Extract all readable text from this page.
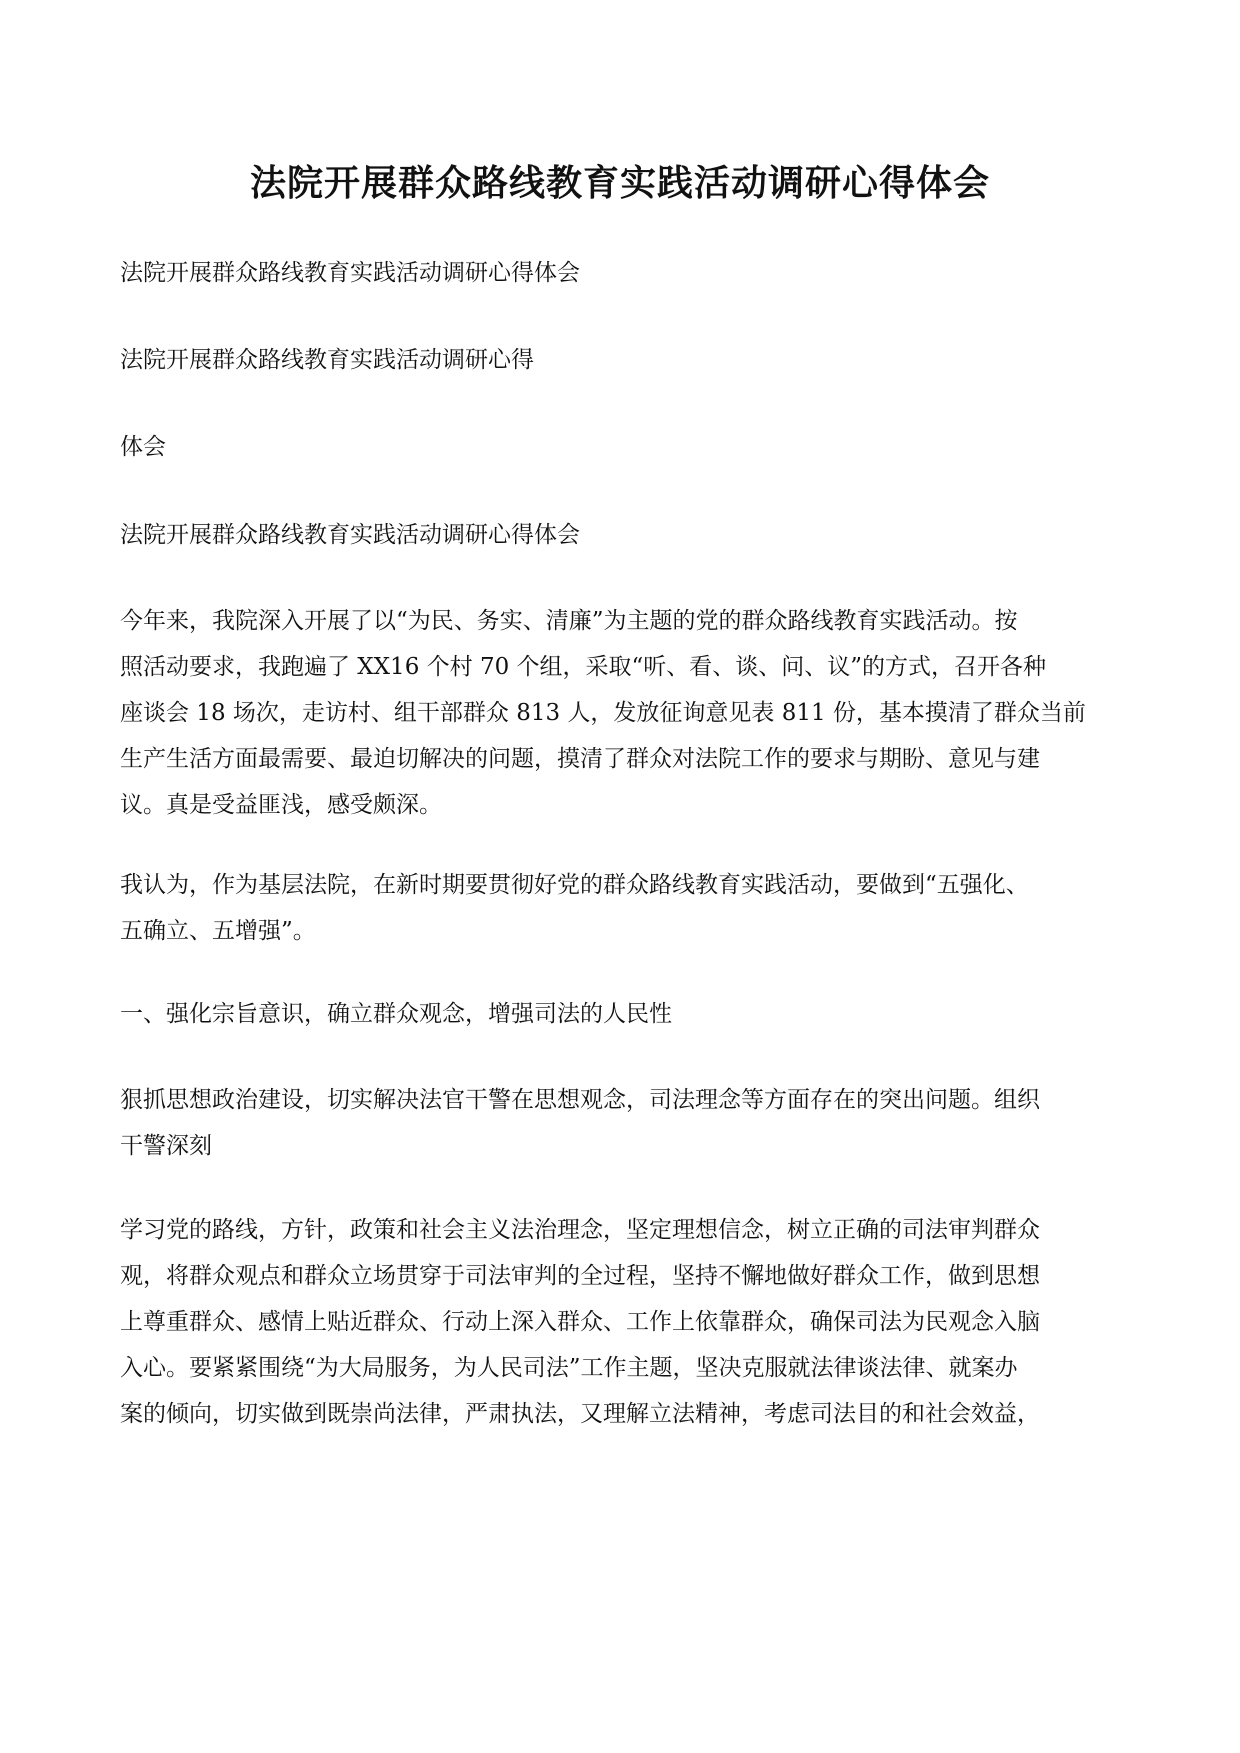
法院开展群众路线教育实践活动调研心得体会

法院开展群众路线教育实践活动调研心得体会

法院开展群众路线教育实践活动调研心得

体会

法院开展群众路线教育实践活动调研心得体会

今年来，我院深入开展了以“为民、务实、清廉”为主题的党的群众路线教育实践活动。按
照活动要求，我跑遍了 XX16 个村 70 个组，采取“听、看、谈、问、议”的方式，召开各种
座谈会 18 场次，走访村、组干部群众 813 人，发放征询意见表 811 份，基本摸清了群众当前
生产生活方面最需要、最迫切解决的问题，摸清了群众对法院工作的要求与期盼、意见与建
议。真是受益匪浅，感受颇深。

我认为，作为基层法院，在新时期要贯彻好党的群众路线教育实践活动，要做到“五强化、
五确立、五增强”。

一、强化宗旨意识，确立群众观念，增强司法的人民性

狠抓思想政治建设，切实解决法官干警在思想观念，司法理念等方面存在的突出问题。组织
干警深刻

学习党的路线，方针，政策和社会主义法治理念，坚定理想信念，树立正确的司法审判群众
观，将群众观点和群众立场贯穿于司法审判的全过程，坚持不懈地做好群众工作，做到思想
上尊重群众、感情上贴近群众、行动上深入群众、工作上依靠群众，确保司法为民观念入脑
入心。要紧紧围绕“为大局服务，为人民司法”工作主题，坚决克服就法律谈法律、就案办
案的倾向，切实做到既崇尚法律，严肃执法，又理解立法精神，考虑司法目的和社会效益，
